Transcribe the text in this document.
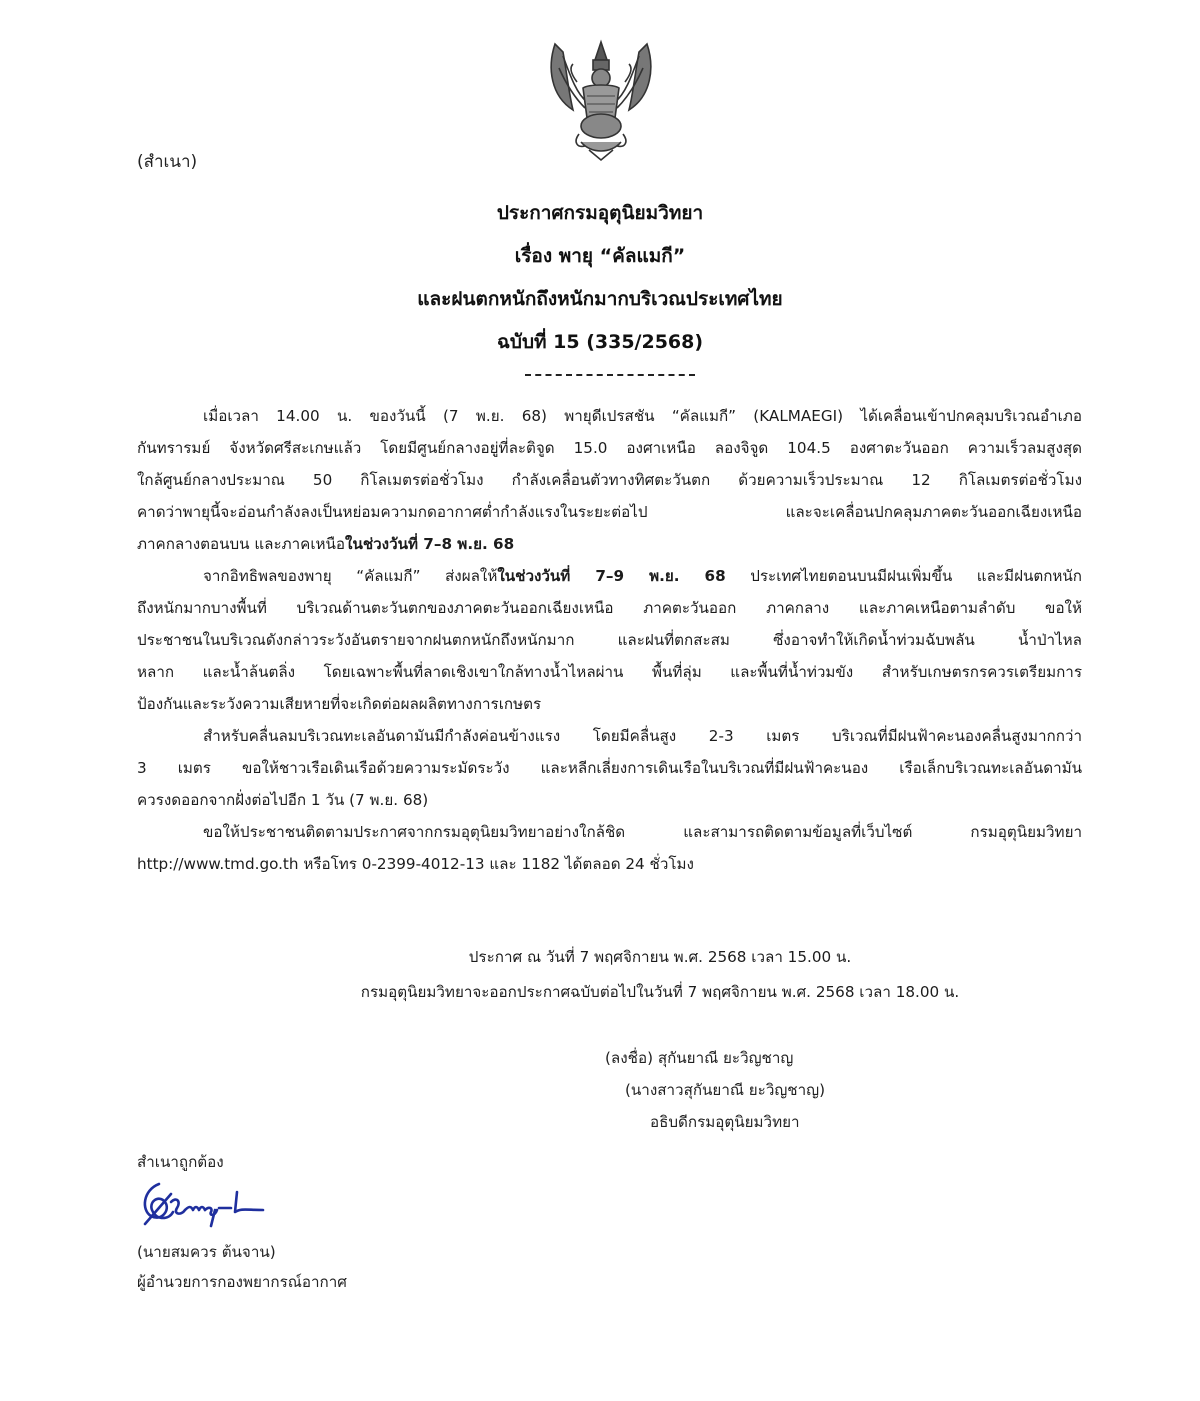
(สำเนา)
ประกาศกรมอุตุนิยมวิทยา
เรื่อง พายุ “คัลแมกี”
และฝนตกหนักถึงหนักมากบริเวณประเทศไทย
ฉบับที่ 15 (335/2568)
เมื่อเวลา 14.00 น. ของวันนี้ (7 พ.ย. 68) พายุดีเปรสชัน “คัลแมกี” (KALMAEGI) ได้เคลื่อนเข้าปกคลุมบริเวณอำเภอ
กันทรารมย์ จังหวัดศรีสะเกษแล้ว โดยมีศูนย์กลางอยู่ที่ละติจูด 15.0 องศาเหนือ ลองจิจูด 104.5 องศาตะวันออก ความเร็วลมสูงสุด
ใกล้ศูนย์กลางประมาณ 50 กิโลเมตรต่อชั่วโมง กำลังเคลื่อนตัวทางทิศตะวันตก ด้วยความเร็วประมาณ 12 กิโลเมตรต่อชั่วโมง
คาดว่าพายุนี้จะอ่อนกำลังลงเป็นหย่อมความกดอากาศต่ำกำลังแรงในระยะต่อไป และจะเคลื่อนปกคลุมภาคตะวันออกเฉียงเหนือ
ภาคกลางตอนบน และภาคเหนือในช่วงวันที่ 7–8 พ.ย. 68
จากอิทธิพลของพายุ “คัลแมกี” ส่งผลให้ในช่วงวันที่ 7–9 พ.ย. 68 ประเทศไทยตอนบนมีฝนเพิ่มขึ้น และมีฝนตกหนัก
ถึงหนักมากบางพื้นที่ บริเวณด้านตะวันตกของภาคตะวันออกเฉียงเหนือ ภาคตะวันออก ภาคกลาง และภาคเหนือตามลำดับ ขอให้
ประชาชนในบริเวณดังกล่าวระวังอันตรายจากฝนตกหนักถึงหนักมาก และฝนที่ตกสะสม ซึ่งอาจทำให้เกิดน้ำท่วมฉับพลัน น้ำป่าไหล
หลาก และน้ำล้นตลิ่ง โดยเฉพาะพื้นที่ลาดเชิงเขาใกล้ทางน้ำไหลผ่าน พื้นที่ลุ่ม และพื้นที่น้ำท่วมขัง สำหรับเกษตรกรควรเตรียมการ
ป้องกันและระวังความเสียหายที่จะเกิดต่อผลผลิตทางการเกษตร
สำหรับคลื่นลมบริเวณทะเลอันดามันมีกำลังค่อนข้างแรง โดยมีคลื่นสูง 2-3 เมตร บริเวณที่มีฝนฟ้าคะนองคลื่นสูงมากกว่า
3 เมตร ขอให้ชาวเรือเดินเรือด้วยความระมัดระวัง และหลีกเลี่ยงการเดินเรือในบริเวณที่มีฝนฟ้าคะนอง เรือเล็กบริเวณทะเลอันดามัน
ควรงดออกจากฝั่งต่อไปอีก 1 วัน (7 พ.ย. 68)
ขอให้ประชาชนติดตามประกาศจากกรมอุตุนิยมวิทยาอย่างใกล้ชิด และสามารถติดตามข้อมูลที่เว็บไซต์ กรมอุตุนิยมวิทยา
http://www.tmd.go.th หรือโทร 0-2399-4012-13 และ 1182 ได้ตลอด 24 ชั่วโมง
ประกาศ ณ วันที่ 7 พฤศจิกายน พ.ศ. 2568 เวลา 15.00 น.
กรมอุตุนิยมวิทยาจะออกประกาศฉบับต่อไปในวันที่ 7 พฤศจิกายน พ.ศ. 2568 เวลา 18.00 น.
(ลงชื่อ) สุกันยาณี ยะวิญชาญ
(นางสาวสุกันยาณี ยะวิญชาญ)
อธิบดีกรมอุตุนิยมวิทยา
สำเนาถูกต้อง
(นายสมควร ต้นจาน)
ผู้อำนวยการกองพยากรณ์อากาศ
